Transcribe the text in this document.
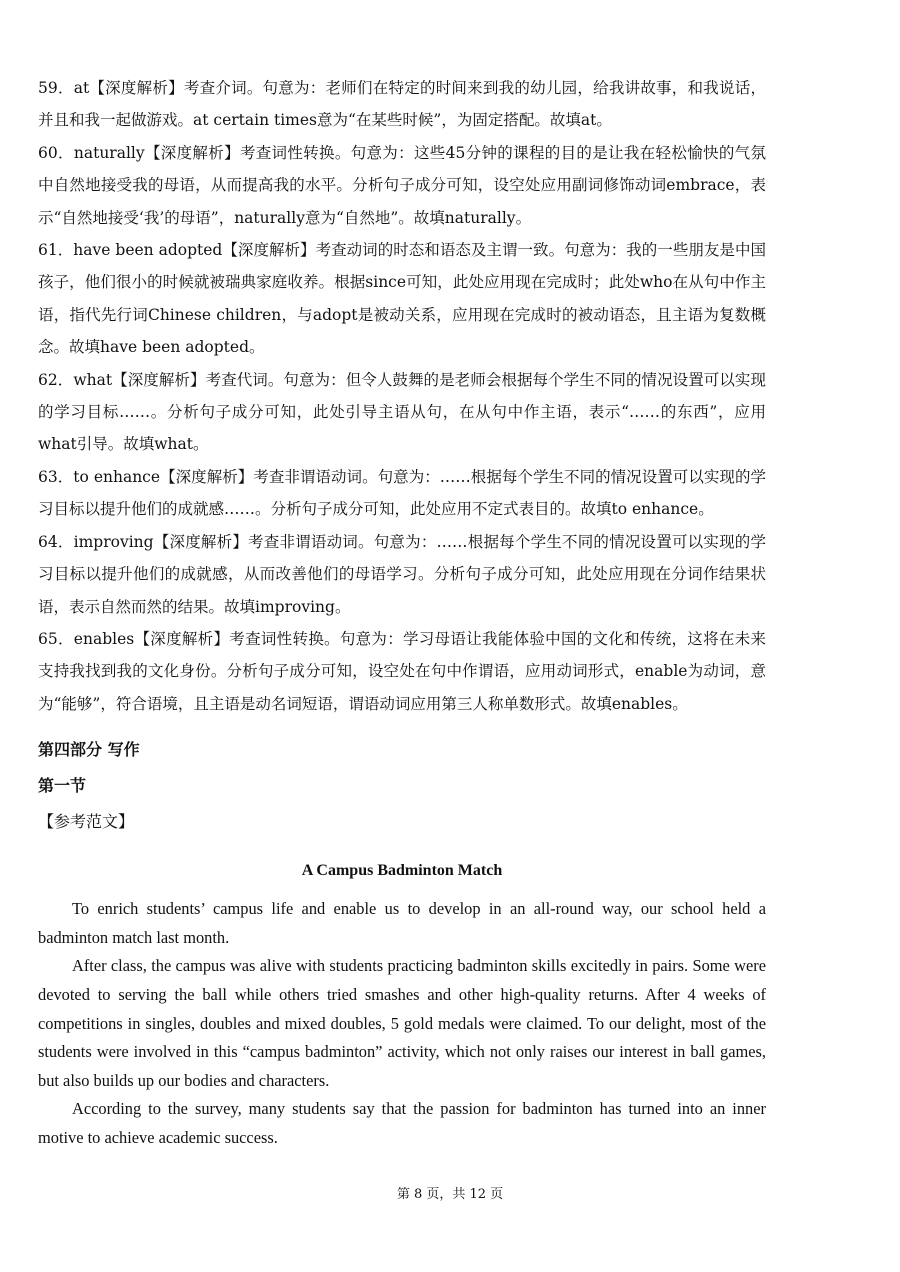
59．at【深度解析】考查介词。句意为：老师们在特定的时间来到我的幼儿园，给我讲故事，和我说话，并且和我一起做游戏。at certain times意为“在某些时候”，为固定搭配。故填at。

60．naturally【深度解析】考查词性转换。句意为：这些45分钟的课程的目的是让我在轻松愉快的气氛中自然地接受我的母语，从而提高我的水平。分析句子成分可知，设空处应用副词修饰动词embrace，表示“自然地接受‘我’的母语”，naturally意为“自然地”。故填naturally。

61．have been adopted【深度解析】考查动词的时态和语态及主谓一致。句意为：我的一些朋友是中国孩子，他们很小的时候就被瑞典家庭收养。根据since可知，此处应用现在完成时；此处who在从句中作主语，指代先行词Chinese children，与adopt是被动关系，应用现在完成时的被动语态，且主语为复数概念。故填have been adopted。

62．what【深度解析】考查代词。句意为：但令人鼓舞的是老师会根据每个学生不同的情况设置可以实现的学习目标……。分析句子成分可知，此处引导主语从句，在从句中作主语，表示“……的东西”，应用what引导。故填what。

63．to enhance【深度解析】考查非谓语动词。句意为：……根据每个学生不同的情况设置可以实现的学习目标以提升他们的成就感……。分析句子成分可知，此处应用不定式表目的。故填to enhance。

64．improving【深度解析】考查非谓语动词。句意为：……根据每个学生不同的情况设置可以实现的学习目标以提升他们的成就感，从而改善他们的母语学习。分析句子成分可知，此处应用现在分词作结果状语，表示自然而然的结果。故填improving。

65．enables【深度解析】考查词性转换。句意为：学习母语让我能体验中国的文化和传统，这将在未来支持我找到我的文化身份。分析句子成分可知，设空处在句中作谓语，应用动词形式，enable为动词，意为“能够”，符合语境，且主语是动名词短语，谓语动词应用第三人称单数形式。故填enables。

第四部分 写作

第一节

【参考范文】

A Campus Badminton Match

To enrich students’ campus life and enable us to develop in an all-round way, our school held a badminton match last month.

After class, the campus was alive with students practicing badminton skills excitedly in pairs. Some were devoted to serving the ball while others tried smashes and other high-quality returns. After 4 weeks of competitions in singles, doubles and mixed doubles, 5 gold medals were claimed. To our delight, most of the students were involved in this “campus badminton” activity, which not only raises our interest in ball games, but also builds up our bodies and characters.

According to the survey, many students say that the passion for badminton has turned into an inner motive to achieve academic success.

第 8 页，共 12 页
